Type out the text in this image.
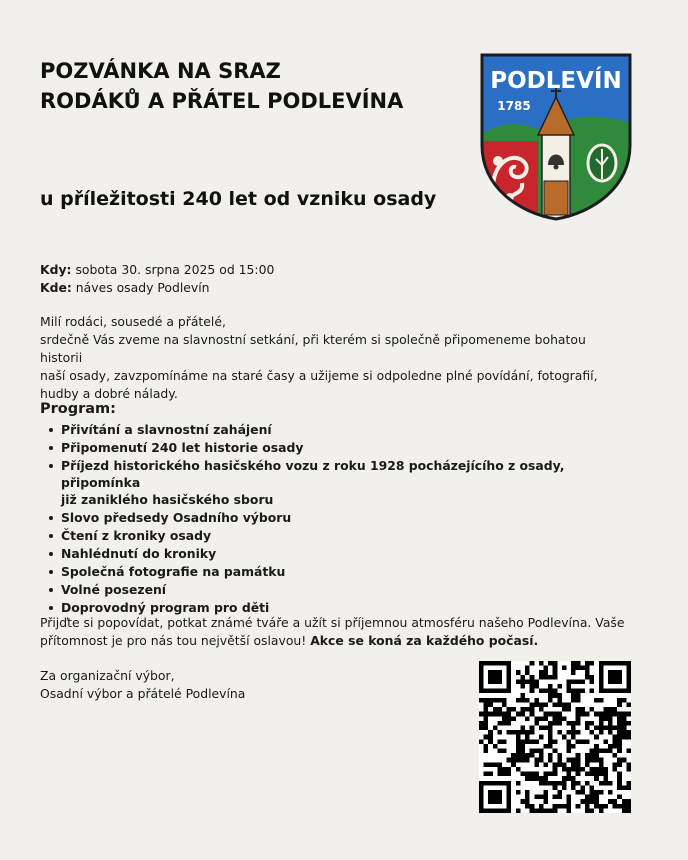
POZVÁNKA NA SRAZ
RODÁKŮ A PŘÁTEL PODLEVÍNA
u příležitosti 240 let od vzniku osady
PODLEVÍN
1785
Kdy: sobota 30. srpna 2025 od 15:00
Kde: náves osady Podlevín
Milí rodáci, sousedé a přátelé,
srdečně Vás zveme na slavnostní setkání, při kterém si společně připomeneme bohatou historii
naší osady, zavzpomínáme na staré časy a užijeme si odpoledne plné povídání, fotografií,
hudby a dobré nálady.
Program:
Přivítání a slavnostní zahájení
Připomenutí 240 let historie osady
Příjezd historického hasičského vozu z roku 1928 pocházejícího z osady, připomínka
již zaniklého hasičského sboru
Slovo předsedy Osadního výboru
Čtení z kroniky osady
Nahlédnutí do kroniky
Společná fotografie na památku
Volné posezení
Doprovodný program pro děti
Přijďte si popovídat, potkat známé tváře a užít si příjemnou atmosféru našeho Podlevína. Vaše
přítomnost je pro nás tou největší oslavou! Akce se koná za každého počasí.
Za organizační výbor,
Osadní výbor a přátelé Podlevína
